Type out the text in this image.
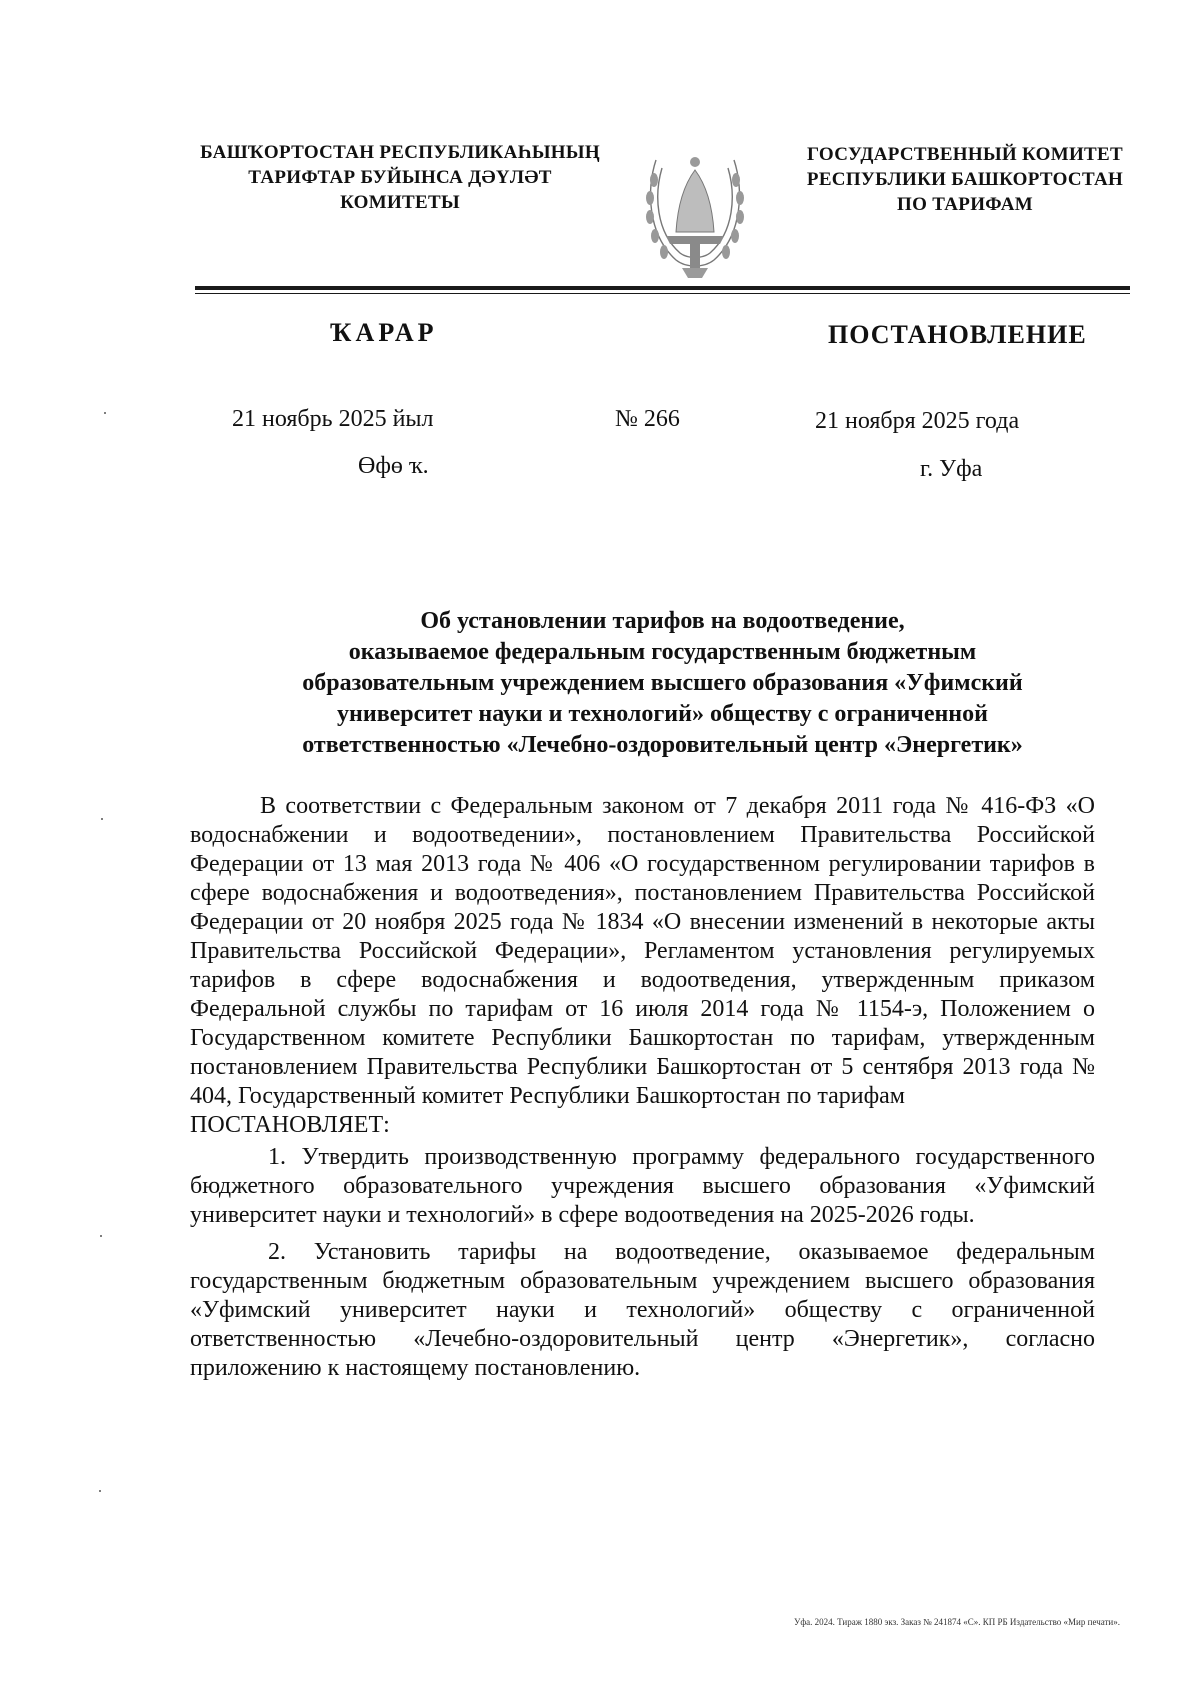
БАШҠОРТОСТАН РЕСПУБЛИКАҺЫНЫҢ
ТАРИФТАР БУЙЫНСА ДӘҮЛӘТ
КОМИТЕТЫ
ГОСУДАРСТВЕННЫЙ КОМИТЕТ
РЕСПУБЛИКИ БАШКОРТОСТАН
ПО ТАРИФАМ
ҠАРАР	ПОСТАНОВЛЕНИЕ
21 ноябрь 2025 йыл
Өфө ҡ.
№ 266	21 ноября 2025 года
г. Уфа
Об установлении тарифов на водоотведение,
оказываемое федеральным государственным бюджетным
образовательным учреждением высшего образования «Уфимский
университет науки и технологий» обществу с ограниченной
ответственностью «Лечебно-оздоровительный центр «Энергетик»

В соответствии с Федеральным законом от 7 декабря 2011 года № 416-ФЗ «О водоснабжении и водоотведении», постановлением Правительства Российской Федерации от 13 мая 2013 года № 406 «О государственном регулировании тарифов в сфере водоснабжения и водоотведения», постановлением Правительства Российской Федерации от 20 ноября 2025 года № 1834 «О внесении изменений в некоторые акты Правительства Российской Федерации», Регламентом установления регулируемых тарифов в сфере водоснабжения и водоотведения, утвержденным приказом Федеральной службы по тарифам от 16 июля 2014 года № 1154-э, Положением о Государственном комитете Республики Башкортостан по тарифам, утвержденным постановлением Правительства Республики Башкортостан от 5 сентября 2013 года № 404, Государственный комитет Республики Башкортостан по тарифам

ПОСТАНОВЛЯЕТ:

1. Утвердить производственную программу федерального государственного бюджетного образовательного учреждения высшего образования «Уфимский университет науки и технологий» в сфере водоотведения на 2025-2026 годы.

2. Установить тарифы на водоотведение, оказываемое федеральным государственным бюджетным образовательным учреждением высшего образования «Уфимский университет науки и технологий» обществу с ограниченной ответственностью «Лечебно-оздоровительный центр «Энергетик», согласно приложению к настоящему постановлению.

Уфа. 2024. Тираж 1880 экз. Заказ № 241874 «С». КП РБ Издательство «Мир печати».
